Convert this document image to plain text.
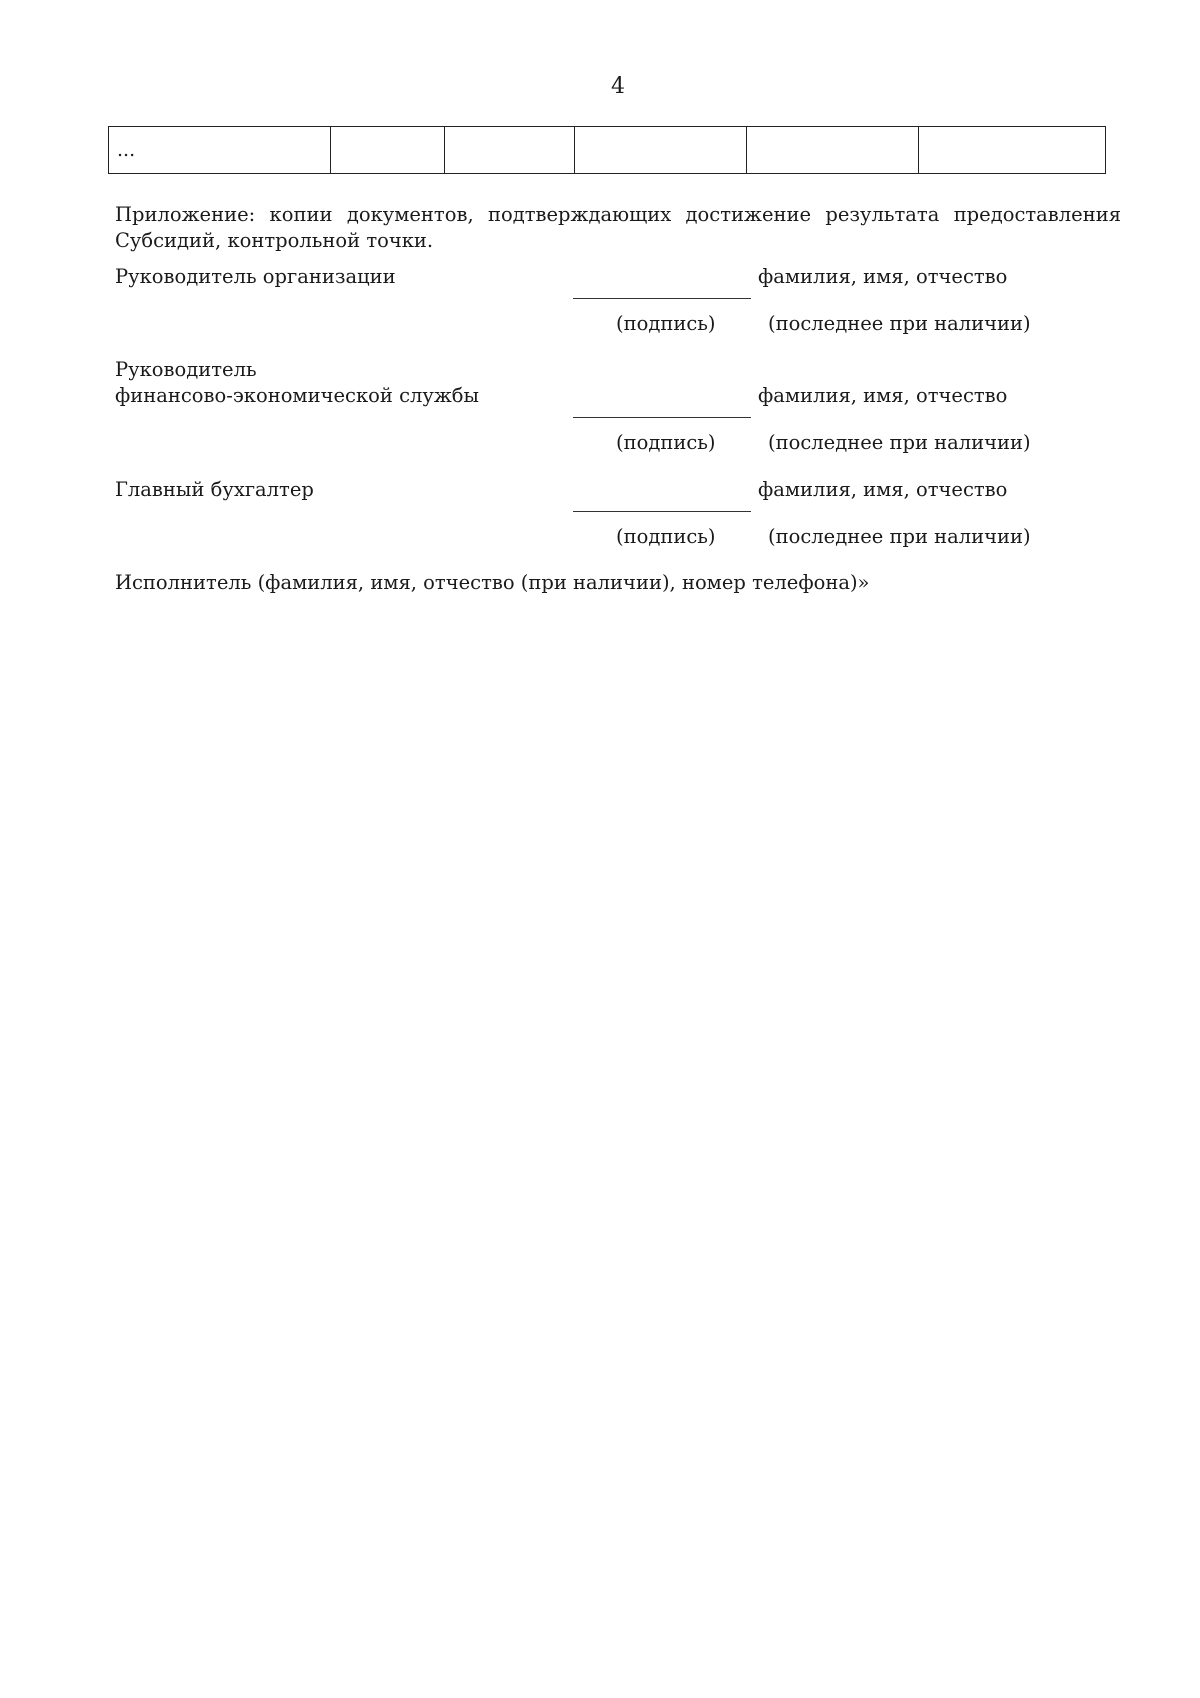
4
...					
Приложение: копии документов, подтверждающих достижение результата предоставления Субсидий, контрольной точки.
Руководитель организации	фамилия, имя, отчество
(подпись)	(последнее при наличии)
Руководитель
финансово-экономической службы	фамилия, имя, отчество
(подпись)	(последнее при наличии)
Главный бухгалтер	фамилия, имя, отчество
(подпись)	(последнее при наличии)
Исполнитель (фамилия, имя, отчество (при наличии), номер телефона)»
